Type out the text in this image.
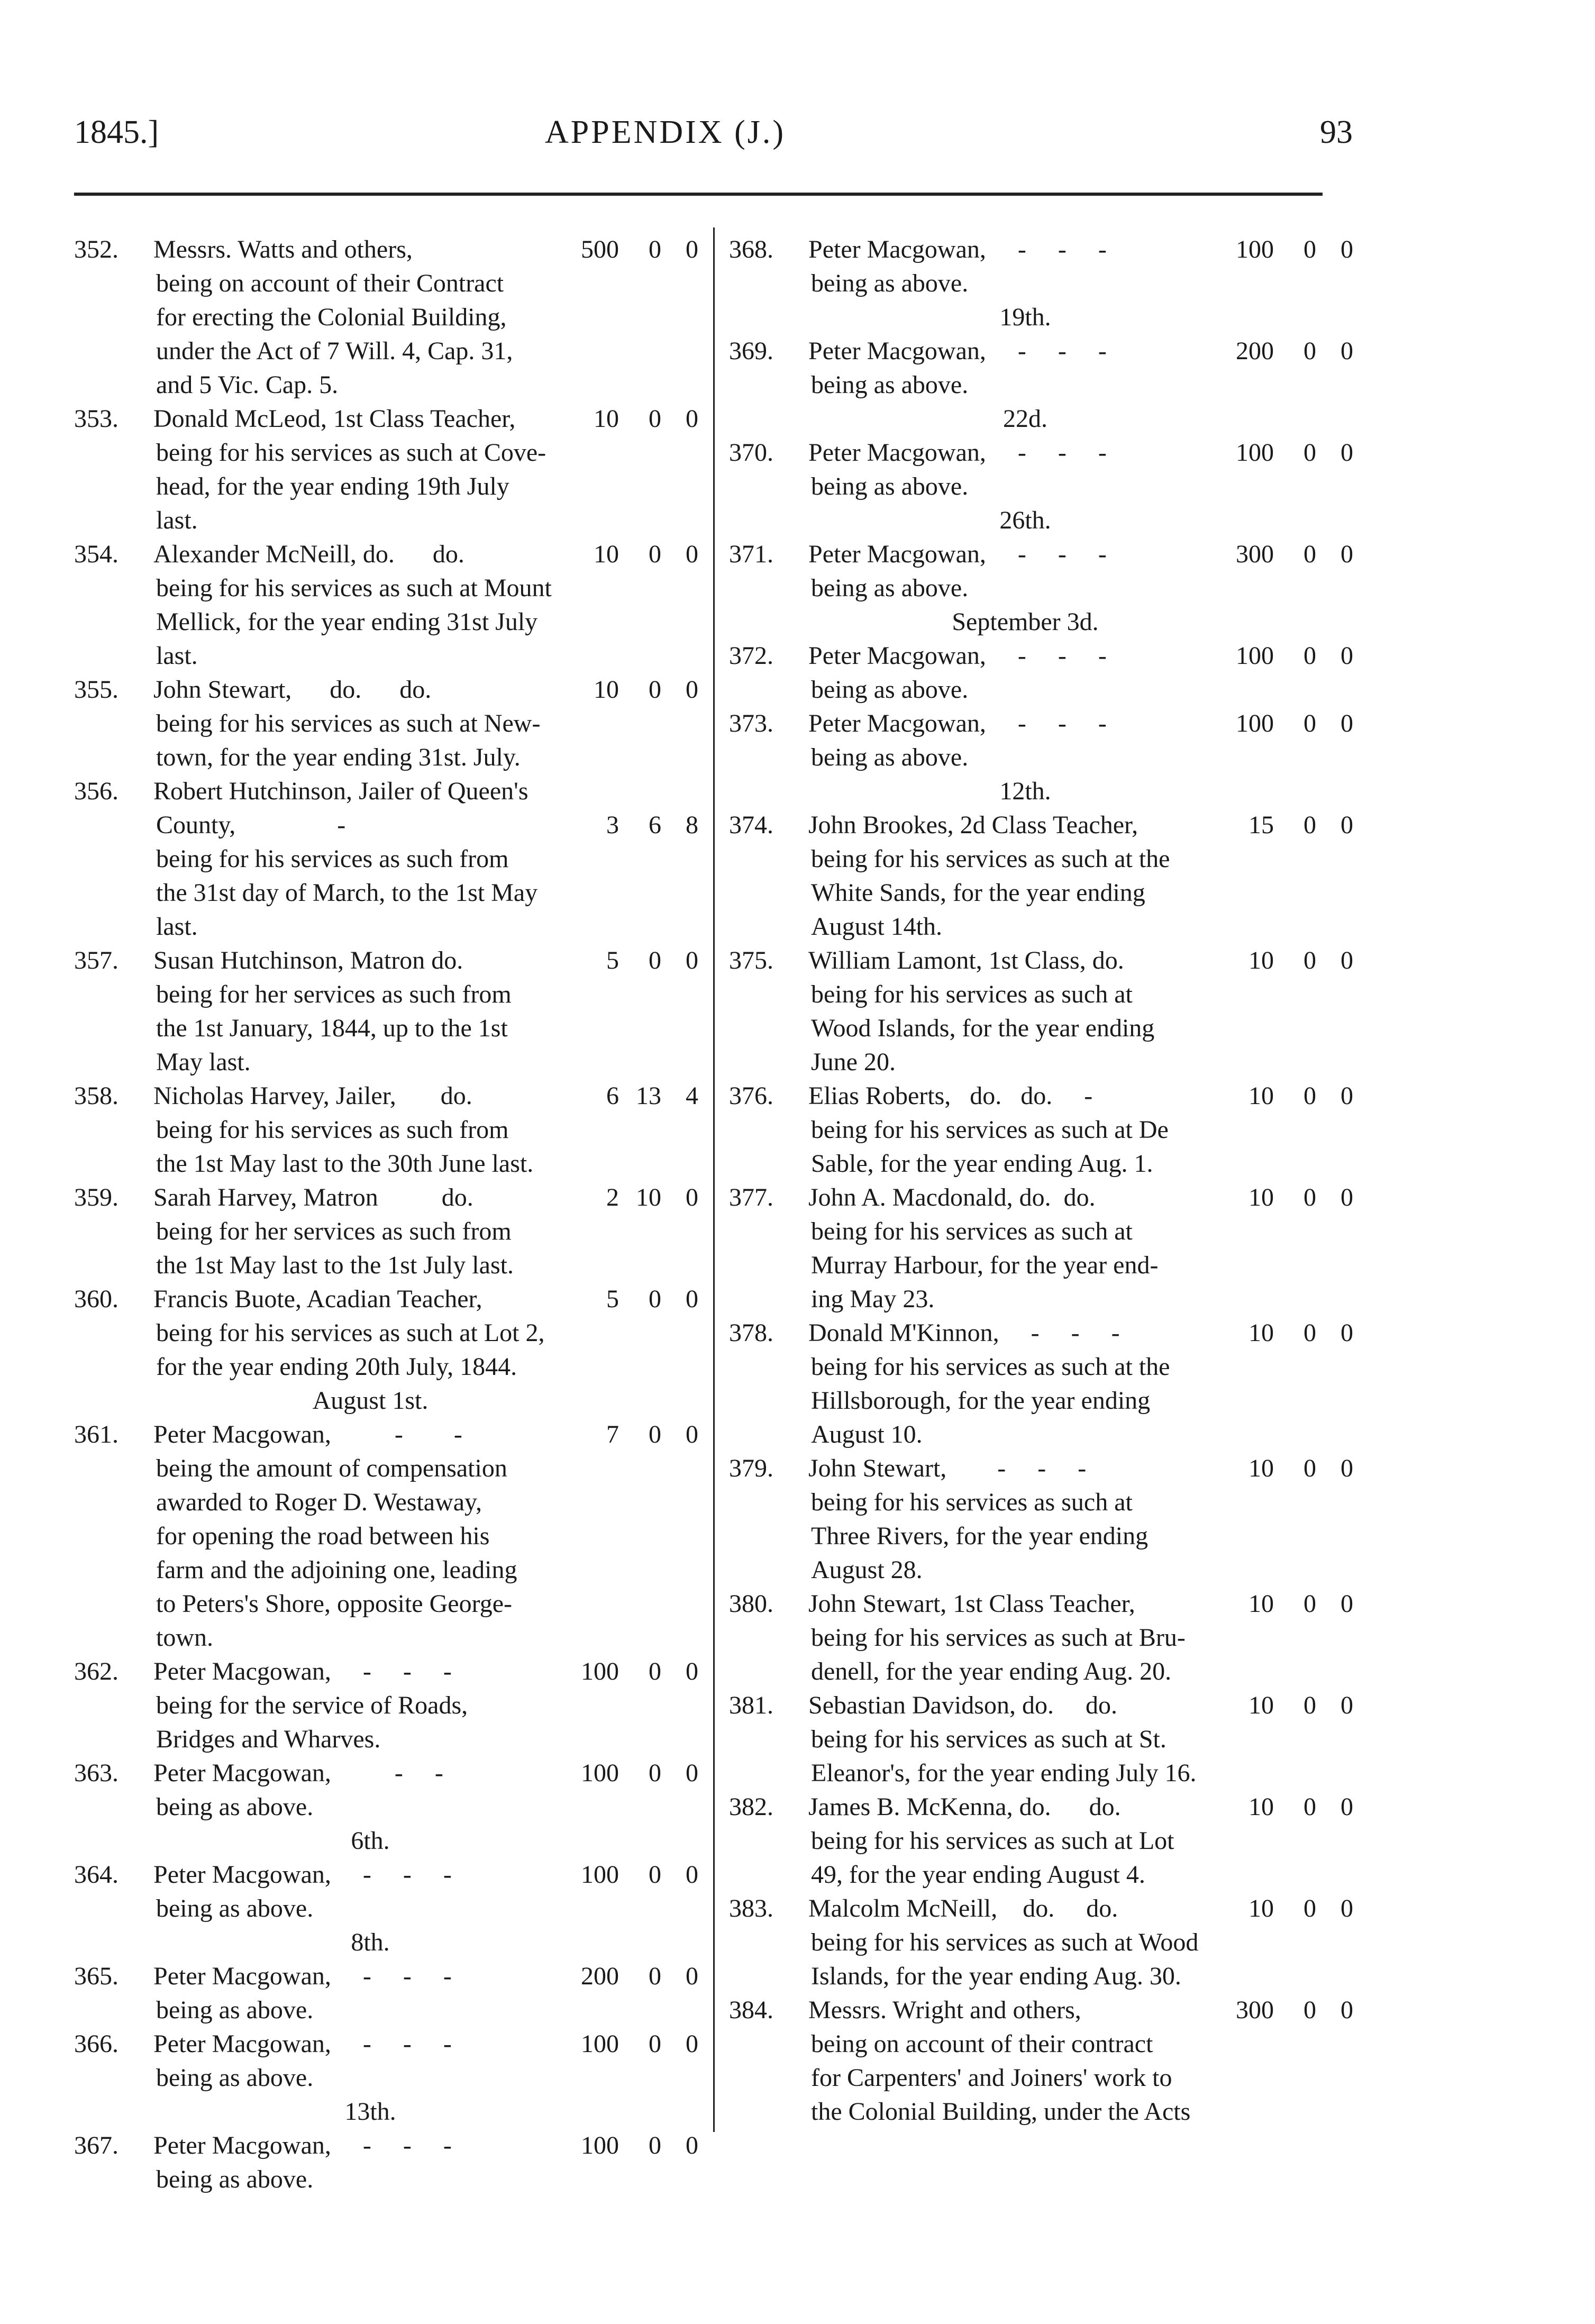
1845.]	APPENDIX (J.)	93
352. Messrs. Watts and others,	500	0 0
being on account of their Contract
for erecting the Colonial Building,
under the Act of 7 Will. 4, Cap. 31,
and 5 Vic. Cap. 5.
353. Donald McLeod, 1st Class Teacher,	10	0 0
being for his services as such at Cove-
head, for the year ending 19th July
last.
354. Alexander McNeill, do.      do.	10	0 0
being for his services as such at Mount
Mellick, for the year ending 31st July
last.
355. John Stewart,      do.      do.	10	0 0
being for his services as such at New-
town, for the year ending 31st. July.
356. Robert Hutchinson, Jailer of Queen's
County,                -	3	6 8
being for his services as such from
the 31st day of March, to the 1st May
last.
357. Susan Hutchinson, Matron do.	5	0 0
being for her services as such from
the 1st January, 1844, up to the 1st
May last.
358. Nicholas Harvey, Jailer,       do.	6 13 4
being for his services as such from
the 1st May last to the 30th June last.
359. Sarah Harvey, Matron          do.	2 10 0
being for her services as such from
the 1st May last to the 1st July last.
360. Francis Buote, Acadian Teacher,	5	0 0
being for his services as such at Lot 2,
for the year ending 20th July, 1844.
August 1st.
361. Peter Macgowan,          -        -	7	0 0
being the amount of compensation
awarded to Roger D. Westaway,
for opening the road between his
farm and the adjoining one, leading
to Peters's Shore, opposite George-
town.
362. Peter Macgowan,     -     -     -	100	0 0
being for the service of Roads,
Bridges and Wharves.
363. Peter Macgowan,          -     -	100	0 0
being as above.
6th.
364. Peter Macgowan,     -     -     -	100	0 0
being as above.
8th.
365. Peter Macgowan,     -     -     -	200	0 0
being as above.
366. Peter Macgowan,     -     -     -	100	0 0
being as above.
13th.
367. Peter Macgowan,     -     -     -	100	0 0
being as above.
368. Peter Macgowan,     -     -     -	100	0 0
being as above.
19th.
369. Peter Macgowan,     -     -     -	200	0 0
being as above.
22d.
370. Peter Macgowan,     -     -     -	100	0 0
being as above.
26th.
371. Peter Macgowan,     -     -     -	300	0 0
being as above.
September 3d.
372. Peter Macgowan,     -     -     -	100	0 0
being as above.
373. Peter Macgowan,     -     -     -	100	0 0
being as above.
12th.
374. John Brookes, 2d Class Teacher,	15	0 0
being for his services as such at the
White Sands, for the year ending
August 14th.
375. William Lamont, 1st Class, do.	10	0 0
being for his services as such at
Wood Islands, for the year ending
June 20.
376. Elias Roberts,   do.   do.     -	10	0 0
being for his services as such at De
Sable, for the year ending Aug. 1.
377. John A. Macdonald, do.  do.	10	0 0
being for his services as such at
Murray Harbour, for the year end-
ing May 23.
378. Donald M'Kinnon,     -     -     -	10	0 0
being for his services as such at the
Hillsborough, for the year ending
August 10.
379. John Stewart,        -     -     -	10	0 0
being for his services as such at
Three Rivers, for the year ending
August 28.
380. John Stewart, 1st Class Teacher,	10	0 0
being for his services as such at Bru-
denell, for the year ending Aug. 20.
381. Sebastian Davidson, do.     do.	10	0 0
being for his services as such at St.
Eleanor's, for the year ending July 16.
382. James B. McKenna, do.      do.	10	0 0
being for his services as such at Lot
49, for the year ending August 4.
383. Malcolm McNeill,    do.     do.	10	0 0
being for his services as such at Wood
Islands, for the year ending Aug. 30.
384. Messrs. Wright and others,	300	0 0
being on account of their contract
for Carpenters' and Joiners' work to
the Colonial Building, under the Acts
